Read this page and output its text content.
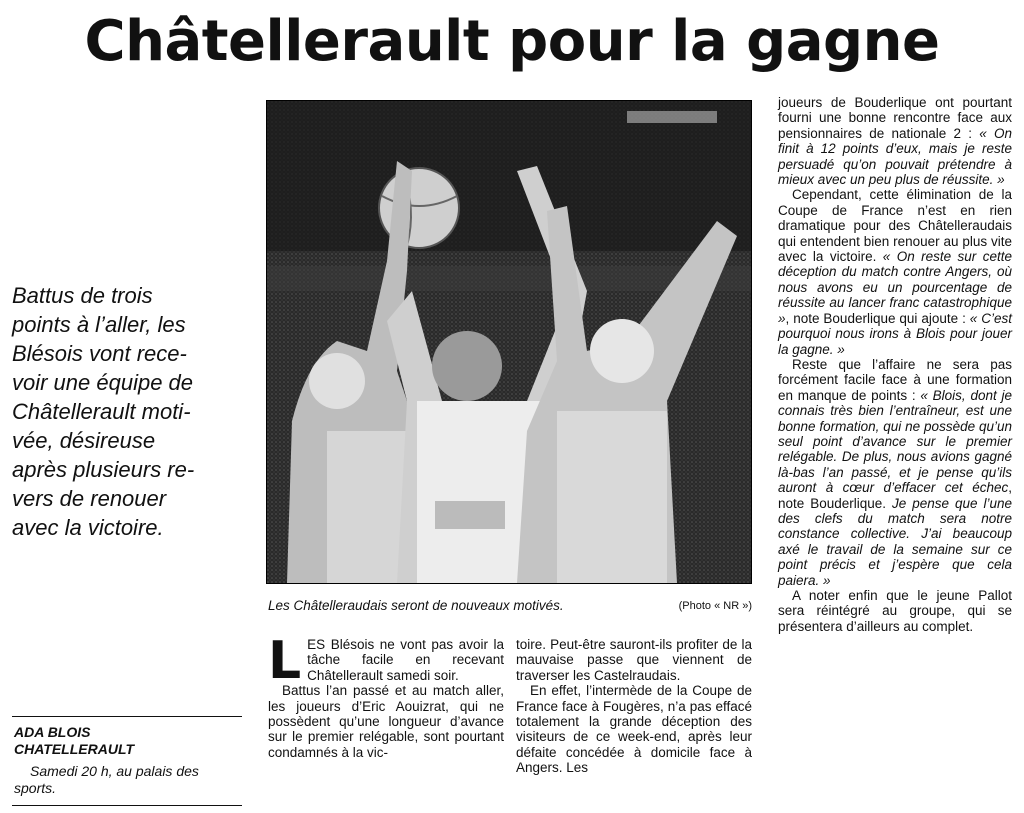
Châtellerault pour la gagne

Battus de trois

points à l’aller, les

Blésois vont rece-

voir une équipe de

Châtellerault moti-

vée, désireuse

après plusieurs re-

vers de renouer

avec la victoire.

ADA BLOIS
CHATELLERAULT
Samedi 20 h, au palais des sports.
Les Châtelleraudais seront de nouveaux motivés.	(Photo « NR »)

LES Blésois ne vont pas avoir la tâche facile en recevant Châtellerault samedi soir.

Battus l’an passé et au match aller, les joueurs d’Eric Aouizrat, qui ne possèdent qu’une longueur d’avance sur le premier relégable, sont pourtant condamnés à la vic-

toire. Peut-être sauront-ils profiter de la mauvaise passe que viennent de traverser les Castelraudais.

En effet, l’intermède de la Coupe de France face à Fougères, n’a pas effacé totalement la grande déception des visiteurs de ce week-end, après leur défaite concédée à domicile face à Angers. Les

joueurs de Bouderlique ont pourtant fourni une bonne rencontre face aux pensionnaires de nationale 2 : « On finit à 12 points d’eux, mais je reste persuadé qu’on pouvait prétendre à mieux avec un peu plus de réussite. »

Cependant, cette élimination de la Coupe de France n’est en rien dramatique pour des Châtelleraudais qui entendent bien renouer au plus vite avec la victoire. « On reste sur cette déception du match contre Angers, où nous avons eu un pourcentage de réussite au lancer franc catastrophique », note Bouderlique qui ajoute : « C’est pourquoi nous irons à Blois pour jouer la gagne. »

Reste que l’affaire ne sera pas forcément facile face à une formation en manque de points : « Blois, dont je connais très bien l’entraîneur, est une bonne formation, qui ne possède qu’un seul point d’avance sur le premier relégable. De plus, nous avions gagné là-bas l’an passé, et je pense qu’ils auront à cœur d’effacer cet échec, note Bouderlique. Je pense que l’une des clefs du match sera notre constance collective. J’ai beaucoup axé le travail de la semaine sur ce point précis et j’espère que cela paiera. »

A noter enfin que le jeune Pallot sera réintégré au groupe, qui se présentera d’ailleurs au complet.
